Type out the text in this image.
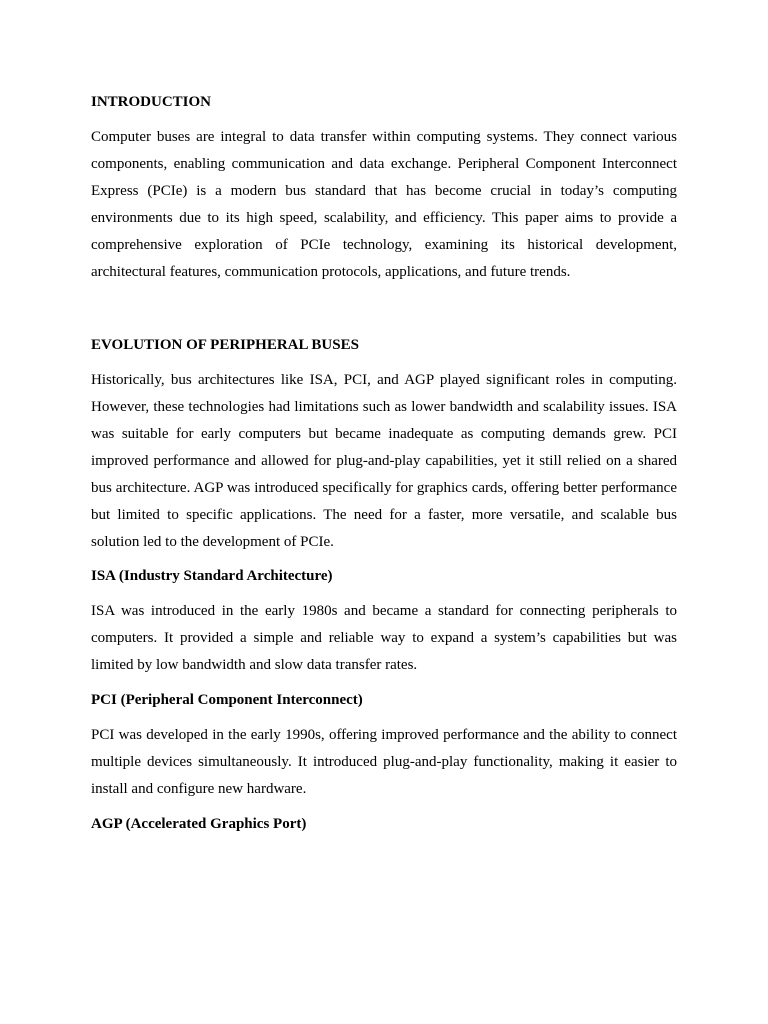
INTRODUCTION

Computer buses are integral to data transfer within computing systems. They connect various components, enabling communication and data exchange. Peripheral Component Interconnect Express (PCIe) is a modern bus standard that has become crucial in today’s computing environments due to its high speed, scalability, and efficiency. This paper aims to provide a comprehensive exploration of PCIe technology, examining its historical development, architectural features, communication protocols, applications, and future trends.

EVOLUTION OF PERIPHERAL BUSES

Historically, bus architectures like ISA, PCI, and AGP played significant roles in computing. However, these technologies had limitations such as lower bandwidth and scalability issues. ISA was suitable for early computers but became inadequate as computing demands grew. PCI improved performance and allowed for plug-and-play capabilities, yet it still relied on a shared bus architecture. AGP was introduced specifically for graphics cards, offering better performance but limited to specific applications. The need for a faster, more versatile, and scalable bus solution led to the development of PCIe.

ISA (Industry Standard Architecture)

ISA was introduced in the early 1980s and became a standard for connecting peripherals to computers. It provided a simple and reliable way to expand a system’s capabilities but was limited by low bandwidth and slow data transfer rates.

PCI (Peripheral Component Interconnect)

PCI was developed in the early 1990s, offering improved performance and the ability to connect multiple devices simultaneously. It introduced plug-and-play functionality, making it easier to install and configure new hardware.

AGP (Accelerated Graphics Port)
